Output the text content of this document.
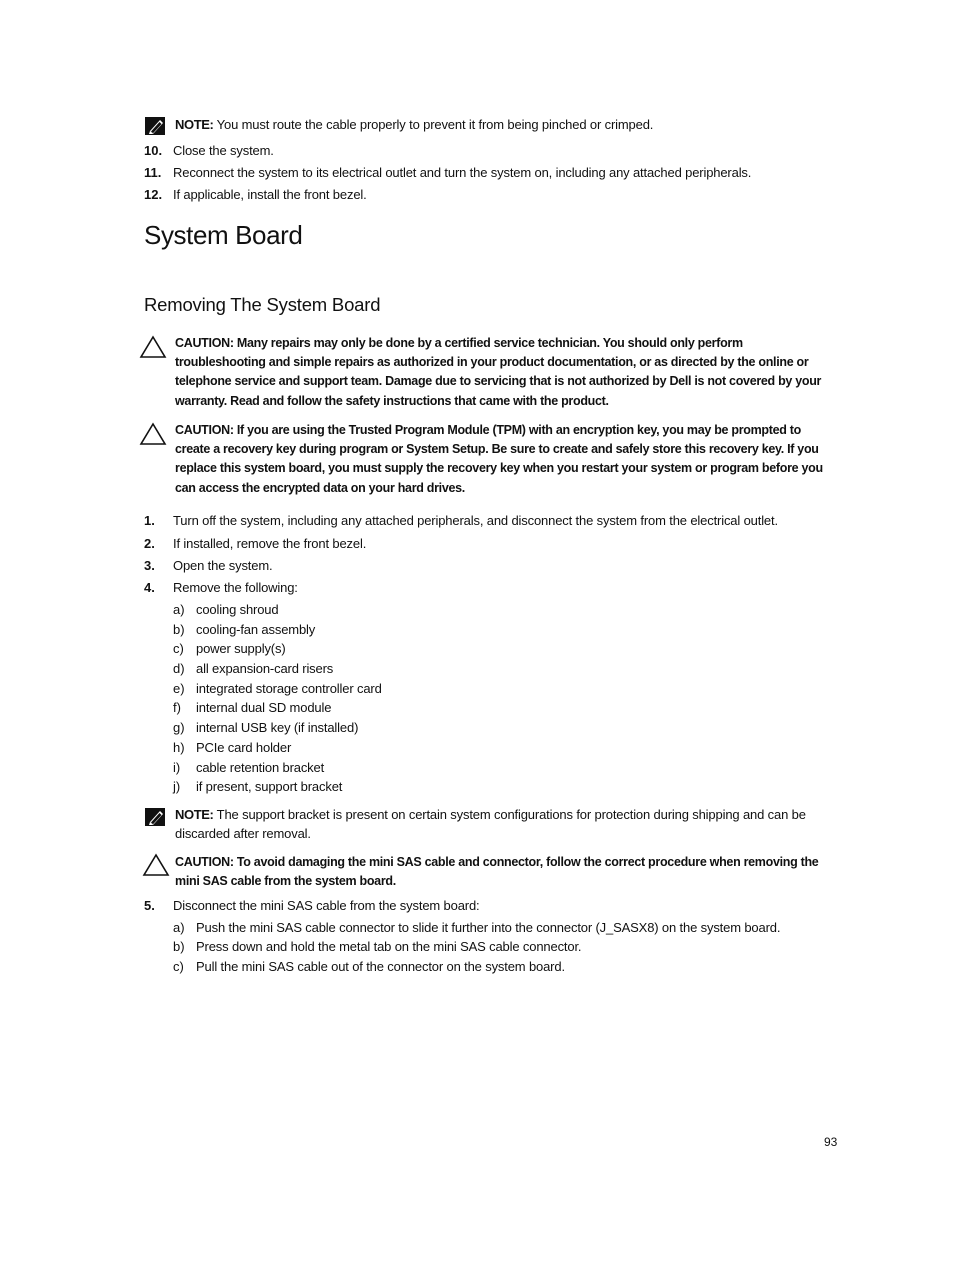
NOTE: You must route the cable properly to prevent it from being pinched or crimped.
10. Close the system.
11. Reconnect the system to its electrical outlet and turn the system on, including any attached peripherals.
12. If applicable, install the front bezel.
System Board
Removing The System Board
CAUTION: Many repairs may only be done by a certified service technician. You should only perform
troubleshooting and simple repairs as authorized in your product documentation, or as directed by the online or
telephone service and support team. Damage due to servicing that is not authorized by Dell is not covered by your
warranty. Read and follow the safety instructions that came with the product.
CAUTION: If you are using the Trusted Program Module (TPM) with an encryption key, you may be prompted to
create a recovery key during program or System Setup. Be sure to create and safely store this recovery key. If you
replace this system board, you must supply the recovery key when you restart your system or program before you
can access the encrypted data on your hard drives.
1.	Turn off the system, including any attached peripherals, and disconnect the system from the electrical outlet.
2.	If installed, remove the front bezel.
3.	Open the system.
4.	Remove the following:
a) cooling shroud
b) cooling-fan assembly
c) power supply(s)
d) all expansion-card risers
e) integrated storage controller card
f)	internal dual SD module
g) internal USB key (if installed)
h) PCIe card holder
i)	cable retention bracket
j)	if present, support bracket
NOTE: The support bracket is present on certain system configurations for protection during shipping and can be
discarded after removal.
CAUTION: To avoid damaging the mini SAS cable and connector, follow the correct procedure when removing the
mini SAS cable from the system board.
5.	Disconnect the mini SAS cable from the system board:
a) Push the mini SAS cable connector to slide it further into the connector (J_SASX8) on the system board.
b) Press down and hold the metal tab on the mini SAS cable connector.
c) Pull the mini SAS cable out of the connector on the system board.
93
